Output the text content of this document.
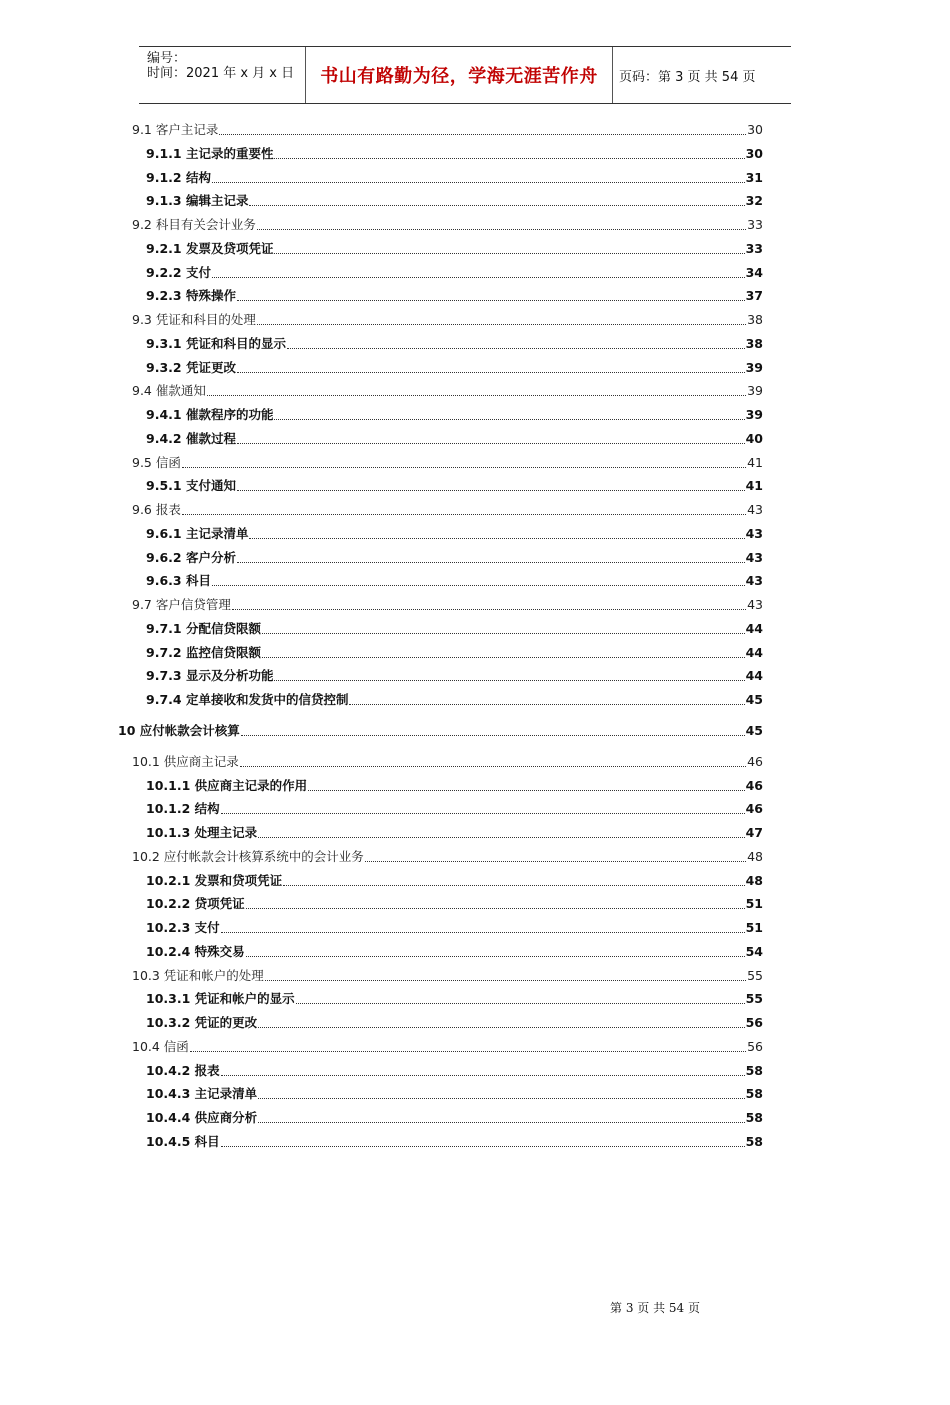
编号：
时间：2021 年 x 月 x 日 书山有路勤为径，学海无涯苦作舟 页码：第 3 页 共 54 页
9.1 客户主记录	30
9.1.1 主记录的重要性	30
9.1.2 结构	31
9.1.3 编辑主记录	32
9.2 科目有关会计业务	33
9.2.1 发票及贷项凭证	33
9.2.2 支付	34
9.2.3 特殊操作	37
9.3 凭证和科目的处理	38
9.3.1 凭证和科目的显示	38
9.3.2 凭证更改	39
9.4 催款通知	39
9.4.1 催款程序的功能	39
9.4.2 催款过程	40
9.5 信函	41
9.5.1 支付通知	41
9.6 报表	43
9.6.1 主记录清单	43
9.6.2 客户分析	43
9.6.3 科目	43
9.7 客户信贷管理	43
9.7.1 分配信贷限额	44
9.7.2 监控信贷限额	44
9.7.3 显示及分析功能	44
9.7.4 定单接收和发货中的信贷控制	45
10 应付帐款会计核算	45
10.1 供应商主记录	46
10.1.1 供应商主记录的作用	46
10.1.2 结构	46
10.1.3 处理主记录	47
10.2 应付帐款会计核算系统中的会计业务	48
10.2.1 发票和贷项凭证	48
10.2.2 贷项凭证	51
10.2.3 支付	51
10.2.4 特殊交易	54
10.3 凭证和帐户的处理	55
10.3.1 凭证和帐户的显示	55
10.3.2 凭证的更改	56
10.4 信函	56
10.4.2 报表	58
10.4.3 主记录清单	58
10.4.4 供应商分析	58
10.4.5 科目	58
第 3 页 共 54 页
